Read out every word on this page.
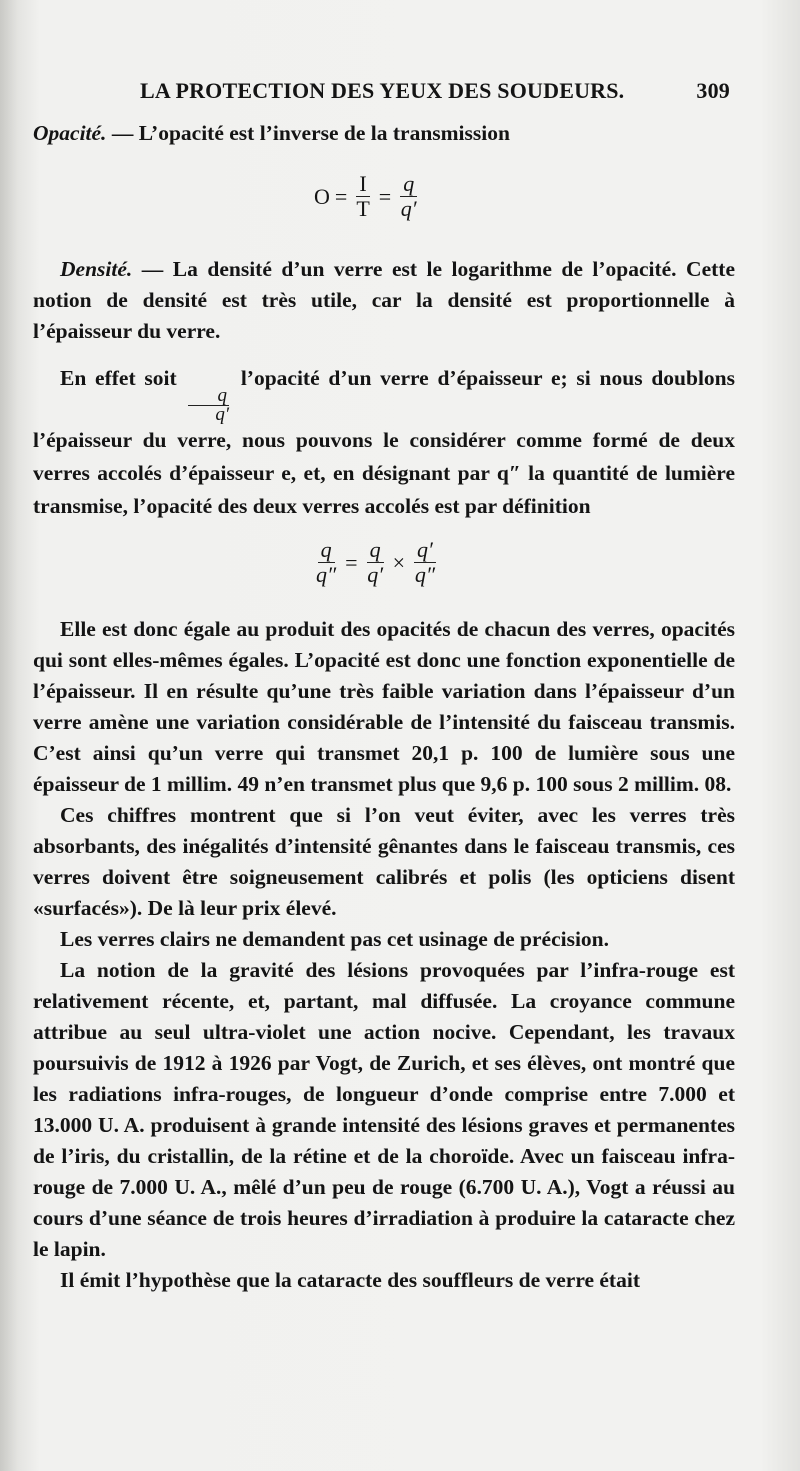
LA PROTECTION DES YEUX DES SOUDEURS.	309

Opacité. — L’opacité est l’inverse de la transmission

$O = \frac{I}{T} = \frac{q}{q'}$

Densité. — La densité d’un verre est le logarithme de l’opacité. Cette notion de densité est très utile, car la densité est proportionnelle à l’épaisseur du verre.

En effet soit
$\frac{q}{q'}$
l’opacité d’un verre d’épaisseur e; si nous doublons l’épaisseur du verre, nous pouvons le considérer comme formé de deux verres accolés d’épaisseur e, et, en désignant par q″ la quantité de lumière transmise, l’opacité des deux verres accolés est par définition

$\frac{q}{q''} = \frac{q}{q'} \times \frac{q'}{q''}$

Elle est donc égale au produit des opacités de chacun des verres, opacités qui sont elles-mêmes égales. L’opacité est donc une fonction exponentielle de l’épaisseur. Il en résulte qu’une très faible variation dans l’épaisseur d’un verre amène une variation considérable de l’intensité du faisceau transmis. C’est ainsi qu’un verre qui transmet 20,1 p. 100 de lumière sous une épaisseur de 1 millim. 49 n’en transmet plus que 9,6 p. 100 sous 2 millim. 08.

Ces chiffres montrent que si l’on veut éviter, avec les verres très absorbants, des inégalités d’intensité gênantes dans le faisceau transmis, ces verres doivent être soigneusement calibrés et polis (les opticiens disent «surfacés»). De là leur prix élevé.

Les verres clairs ne demandent pas cet usinage de précision.

La notion de la gravité des lésions provoquées par l’infra-rouge est relativement récente, et, partant, mal diffusée. La croyance commune attribue au seul ultra-violet une action nocive. Cependant, les travaux poursuivis de 1912 à 1926 par Vogt, de Zurich, et ses élèves, ont montré que les radiations infra-rouges, de longueur d’onde comprise entre 7.000 et 13.000 U. A. produisent à grande intensité des lésions graves et permanentes de l’iris, du cristallin, de la rétine et de la choroïde. Avec un faisceau infra-rouge de 7.000 U. A., mêlé d’un peu de rouge (6.700 U. A.), Vogt a réussi au cours d’une séance de trois heures d’irradiation à produire la cataracte chez le lapin.

Il émit l’hypothèse que la cataracte des souffleurs de verre était
